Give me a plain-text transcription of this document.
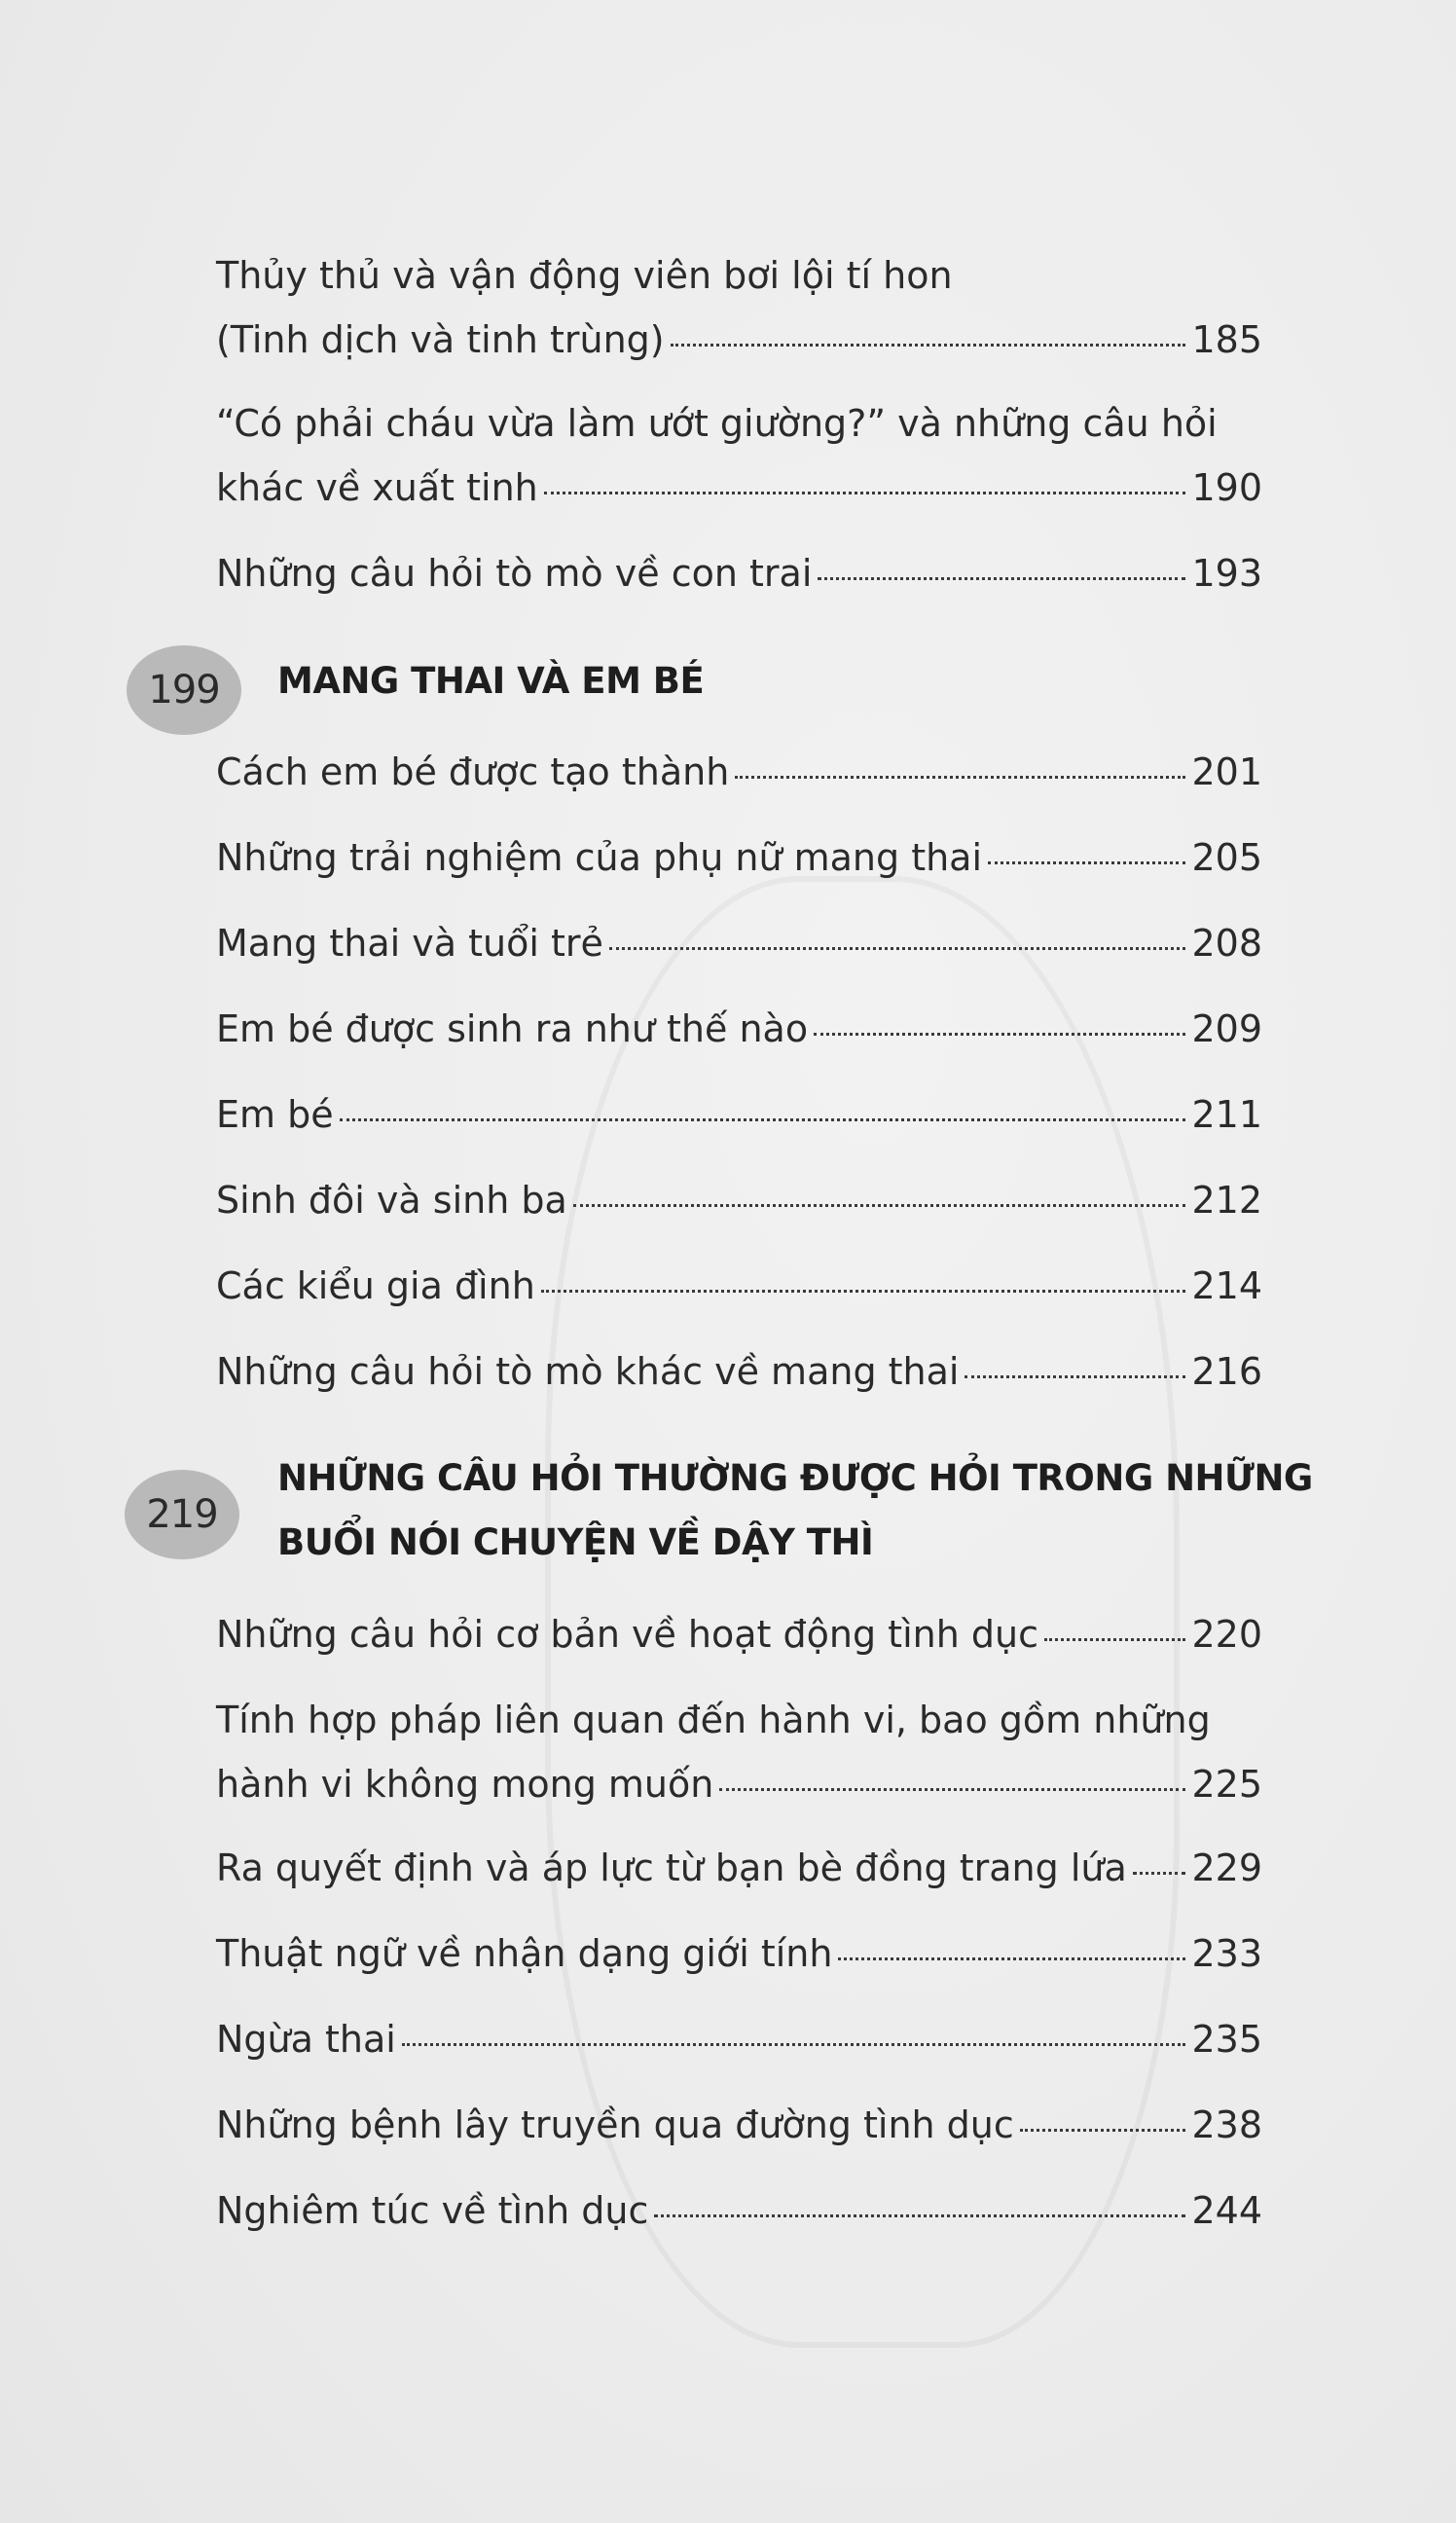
Thủy thủ và vận động viên bơi lội tí hon
(Tinh dịch và tinh trùng)	185
“Có phải cháu vừa làm ướt giường?” và những câu hỏi
khác về xuất tinh	190
Những câu hỏi tò mò về con trai	193
199	MANG THAI VÀ EM BÉ
Cách em bé được tạo thành	201
Những trải nghiệm của phụ nữ mang thai	205
Mang thai và tuổi trẻ	208
Em bé được sinh ra như thế nào	209
Em bé	211
Sinh đôi và sinh ba	212
Các kiểu gia đình	214
Những câu hỏi tò mò khác về mang thai	216
219
NHỮNG CÂU HỎI THƯỜNG ĐƯỢC HỎI TRONG NHỮNG
BUỔI NÓI CHUYỆN VỀ DẬY THÌ
Những câu hỏi cơ bản về hoạt động tình dục	220
Tính hợp pháp liên quan đến hành vi, bao gồm những
hành vi không mong muốn	225
Ra quyết định và áp lực từ bạn bè đồng trang lứa 229
Thuật ngữ về nhận dạng giới tính	233
Ngừa thai	235
Những bệnh lây truyền qua đường tình dục	238
Nghiêm túc về tình dục	244
